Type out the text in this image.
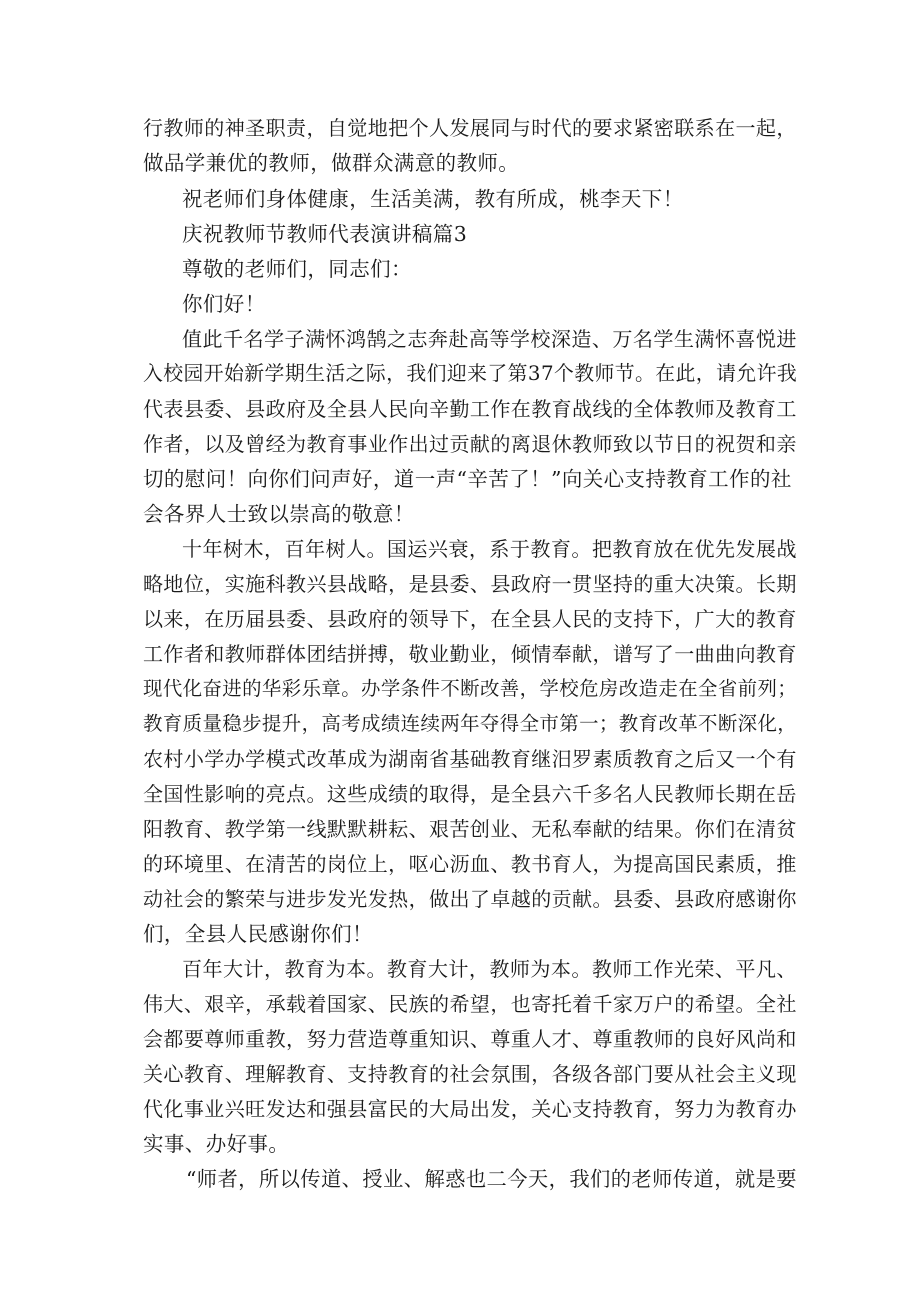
行教师的神圣职责，自觉地把个人发展同与时代的要求紧密联系在一起，
做品学兼优的教师，做群众满意的教师。
祝老师们身体健康，生活美满，教有所成，桃李天下！
庆祝教师节教师代表演讲稿篇3
尊敬的老师们，同志们：
你们好！
值此千名学子满怀鸿鹄之志奔赴高等学校深造、万名学生满怀喜悦进
入校园开始新学期生活之际，我们迎来了第37个教师节。在此，请允许我
代表县委、县政府及全县人民向辛勤工作在教育战线的全体教师及教育工
作者，以及曾经为教育事业作出过贡献的离退休教师致以节日的祝贺和亲
切的慰问！向你们问声好，道一声“辛苦了！”向关心支持教育工作的社
会各界人士致以崇高的敬意！
十年树木，百年树人。国运兴衰，系于教育。把教育放在优先发展战
略地位，实施科教兴县战略，是县委、县政府一贯坚持的重大决策。长期
以来，在历届县委、县政府的领导下，在全县人民的支持下，广大的教育
工作者和教师群体团结拼搏，敬业勤业，倾情奉献，谱写了一曲曲向教育
现代化奋进的华彩乐章。办学条件不断改善，学校危房改造走在全省前列；
教育质量稳步提升，高考成绩连续两年夺得全市第一；教育改革不断深化，
农村小学办学模式改革成为湖南省基础教育继汨罗素质教育之后又一个有
全国性影响的亮点。这些成绩的取得，是全县六千多名人民教师长期在岳
阳教育、教学第一线默默耕耘、艰苦创业、无私奉献的结果。你们在清贫
的环境里、在清苦的岗位上，呕心沥血、教书育人，为提高国民素质，推
动社会的繁荣与进步发光发热，做出了卓越的贡献。县委、县政府感谢你
们，全县人民感谢你们！
百年大计，教育为本。教育大计，教师为本。教师工作光荣、平凡、
伟大、艰辛，承载着国家、民族的希望，也寄托着千家万户的希望。全社
会都要尊师重教，努力营造尊重知识、尊重人才、尊重教师的良好风尚和
关心教育、理解教育、支持教育的社会氛围，各级各部门要从社会主义现
代化事业兴旺发达和强县富民的大局出发，关心支持教育，努力为教育办
实事、办好事。
“师者，所以传道、授业、解惑也二今天，我们的老师传道，就是要
